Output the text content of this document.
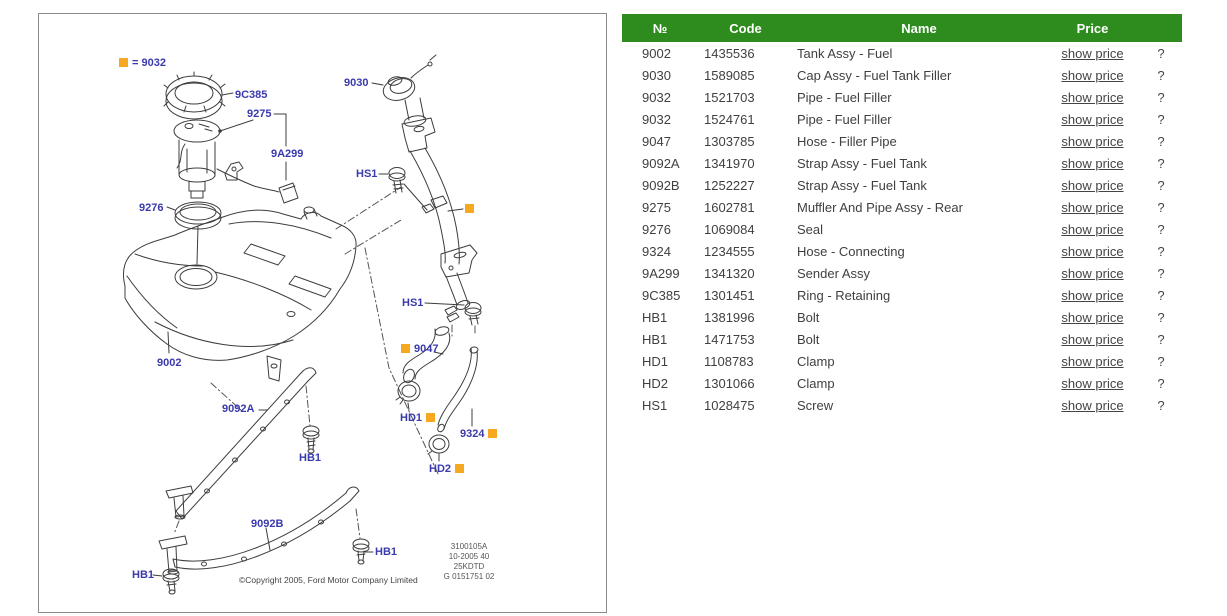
= 9032
9C385
9275
9A299
9030
HS1
9276
9002
HS1
9047
HD1
9324
HD2
9092A
HB1
9092B
HB1
HB1
3100105A
10-2005 40
25KDTD
G 0151751 02
©Copyright 2005, Ford Motor Company Limited
№	Code	Name	Price	
9002	1435536	Tank Assy - Fuel	show price	?
9030	1589085	Cap Assy - Fuel Tank Filler	show price	?
9032	1521703	Pipe - Fuel Filler	show price	?
9032	1524761	Pipe - Fuel Filler	show price	?
9047	1303785	Hose - Filler Pipe	show price	?
9092A	1341970	Strap Assy - Fuel Tank	show price	?
9092B	1252227	Strap Assy - Fuel Tank	show price	?
9275	1602781	Muffler And Pipe Assy - Rear	show price	?
9276	1069084	Seal	show price	?
9324	1234555	Hose - Connecting	show price	?
9A299	1341320	Sender Assy	show price	?
9C385	1301451	Ring - Retaining	show price	?
HB1	1381996	Bolt	show price	?
HB1	1471753	Bolt	show price	?
HD1	1108783	Clamp	show price	?
HD2	1301066	Clamp	show price	?
HS1	1028475	Screw	show price	?
